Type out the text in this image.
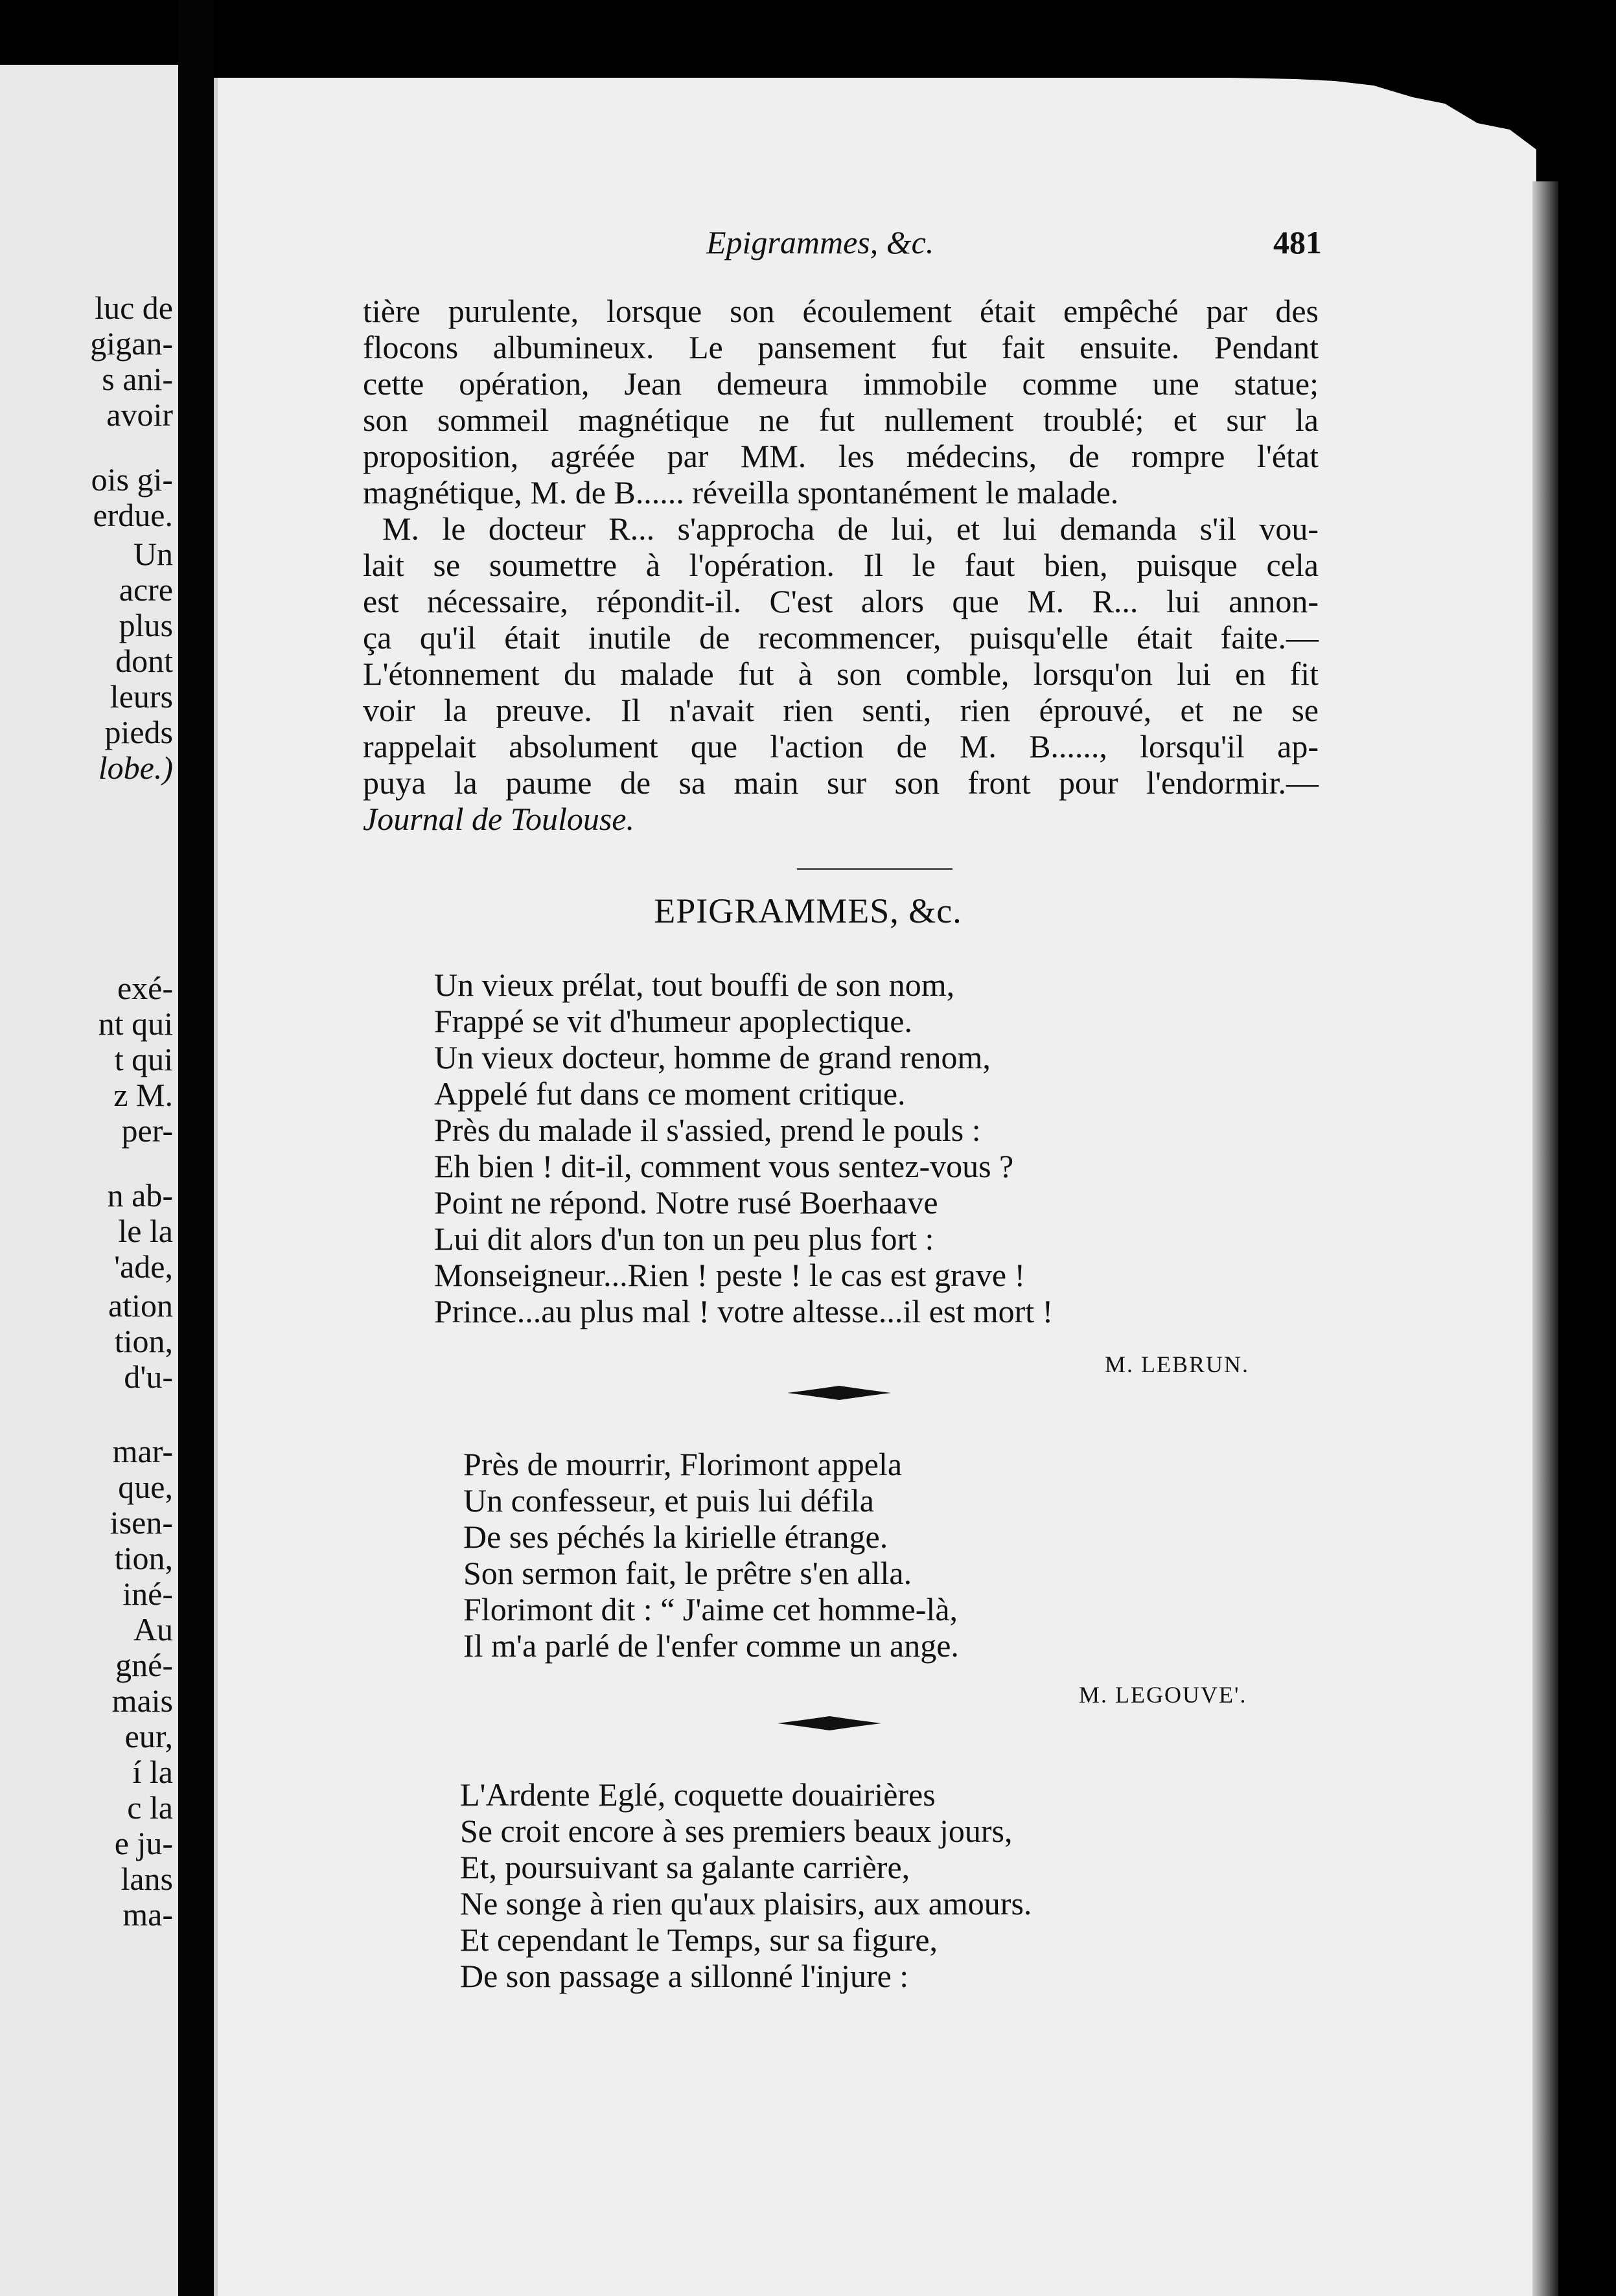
luc de
gigan-
s ani-
avoir
ois gi-
erdue.
Un
acre
plus
dont
leurs
pieds
lobe.)
exé-
nt qui
t qui
z M.
per-
n ab-
le la
'ade,
ation
tion,
d'u-
mar-
que,
isen-
tion,
iné-
Au
gné-
mais
eur,
í la
c la
e ju-
lans
ma-
Epigrammes, &c.	481
tière purulente, lorsque son écoulement était empêché par des
flocons albumineux. Le pansement fut fait ensuite. Pendant
cette opération, Jean demeura immobile comme une statue;
son sommeil magnétique ne fut nullement troublé; et sur la
proposition, agréée par MM. les médecins, de rompre l'état
magnétique, M. de B...... réveilla spontanément le malade.
M. le docteur R... s'approcha de lui, et lui demanda s'il vou-
lait se soumettre à l'opération. Il le faut bien, puisque cela
est nécessaire, répondit-il. C'est alors que M. R... lui annon-
ça qu'il était inutile de recommencer, puisqu'elle était faite.—
L'étonnement du malade fut à son comble, lorsqu'on lui en fit
voir la preuve. Il n'avait rien senti, rien éprouvé, et ne se
rappelait absolument que l'action de M. B......, lorsqu'il ap-
puya la paume de sa main sur son front pour l'endormir.—
Journal de Toulouse.
EPIGRAMMES, &c.
Un vieux prélat, tout bouffi de son nom,
Frappé se vit d'humeur apoplectique.
Un vieux docteur, homme de grand renom,
Appelé fut dans ce moment critique.
Près du malade il s'assied, prend le pouls :
Eh bien ! dit-il, comment vous sentez-vous ?
Point ne répond. Notre rusé Boerhaave
Lui dit alors d'un ton un peu plus fort :
Monseigneur...Rien ! peste ! le cas est grave !
Prince...au plus mal ! votre altesse...il est mort !
M. LEBRUN.
Près de mourrir, Florimont appela
Un confesseur, et puis lui défila
De ses péchés la kirielle étrange.
Son sermon fait, le prêtre s'en alla.
Florimont dit : “ J'aime cet homme-là,
Il m'a parlé de l'enfer comme un ange.
M. LEGOUVE'.
L'Ardente Eglé, coquette douairières
Se croit encore à ses premiers beaux jours,
Et, poursuivant sa galante carrière,
Ne songe à rien qu'aux plaisirs, aux amours.
Et cependant le Temps, sur sa figure,
De son passage a sillonné l'injure :
